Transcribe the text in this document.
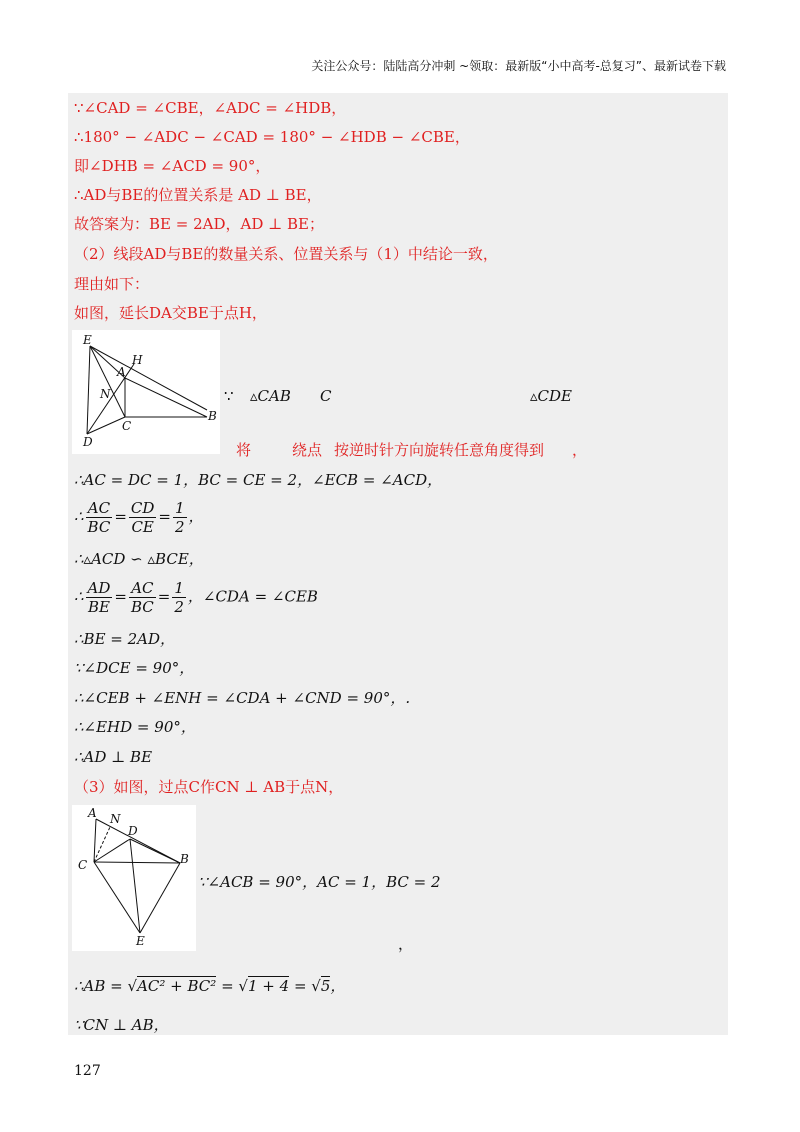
关注公众号：陆陆高分冲刺 ~领取：最新版“小中高考-总复习”、最新试卷下载
∵∠CAD = ∠CBE，∠ADC = ∠HDB，
∴180° − ∠ADC − ∠CAD = 180° − ∠HDB − ∠CBE，
即∠DHB = ∠ACD = 90°，
∴AD与BE的位置关系是 AD ⊥ BE，
故答案为：BE = 2AD，AD ⊥ BE；
（2）线段AD与BE的数量关系、位置关系与（1）中结论一致，
理由如下：
如图，延长DA交BE于点H，
E
H
A
N
B
C
D
∵ ▵CAB C	▵CDE
将	绕点 按逆时针方向旋转任意角度得到 ，
∴AC = DC = 1，BC = CE = 2，∠ECB = ∠ACD，
∴ $\frac{AC}{BC} = \frac{CD}{CE} = \frac{1}{2}$ ，
∴▵ACD ∽ ▵BCE，
∴ $\frac{AD}{BE} = \frac{AC}{BC} = \frac{1}{2}$ ，∠CDA = ∠CEB
∴BE = 2AD，
∵∠DCE = 90°，
∴∠CEB + ∠ENH = ∠CDA + ∠CND = 90°，.
∴∠EHD = 90°，
∴AD ⊥ BE
（3）如图，过点C作CN ⊥ AB于点N，
A N
D
C	B
E
∵∠ACB = 90°，AC = 1，BC = 2
，
∴AB = √AC² + BC² = √1 + 4 = √5，
∵CN ⊥ AB，
127
